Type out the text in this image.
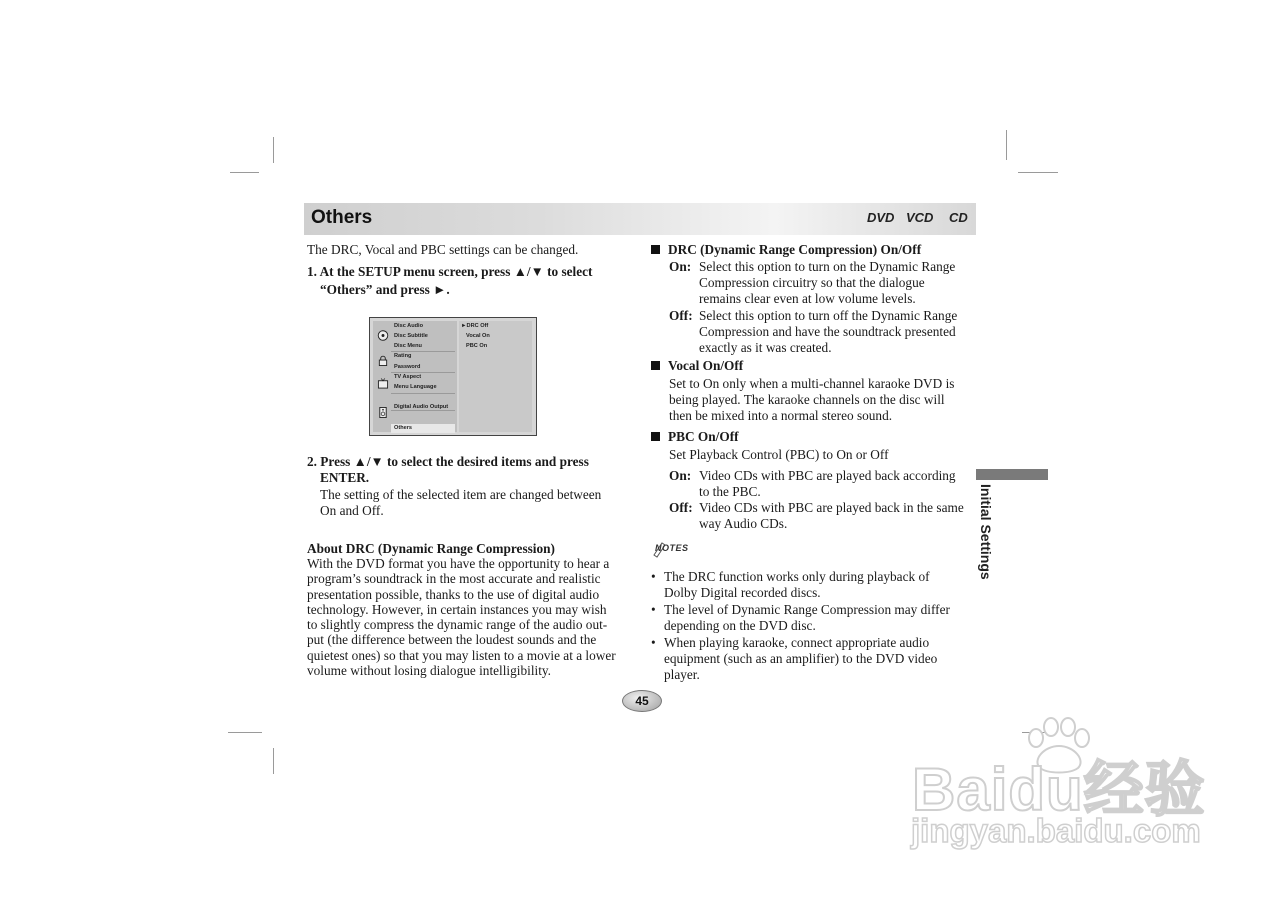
Others	DVD VCD CD
The DRC, Vocal and PBC settings can be changed.
1. At the SETUP menu screen, press ▲/▼ to select
“Others” and press ►.
Disc Audio
Disc Subtitle
Disc Menu
Rating
Password
TV Aspect
Menu Language
Digital Audio Output
Others
►DRC Off
Vocal On
PBC On
2. Press ▲/▼ to select the desired items and press
ENTER.
The setting of the selected item are changed between
On and Off.
About DRC (Dynamic Range Compression)
With the DVD format you have the opportunity to hear a
program’s soundtrack in the most accurate and realistic
presentation possible, thanks to the use of digital audio
technology. However, in certain instances you may wish
to slightly compress the dynamic range of the audio out-
put (the difference between the loudest sounds and the
quietest ones) so that you may listen to a movie at a lower
volume without losing dialogue intelligibility.
DRC (Dynamic Range Compression) On/Off
On: Select this option to turn on the Dynamic Range
Compression circuitry so that the dialogue
remains clear even at low volume levels.
Off: Select this option to turn off the Dynamic Range
Compression and have the soundtrack presented
exactly as it was created.
Vocal On/Off
Set to On only when a multi-channel karaoke DVD is
being played. The karaoke channels on the disc will
then be mixed into a normal stereo sound.
PBC On/Off
Set Playback Control (PBC) to On or Off
On: Video CDs with PBC are played back according
to the PBC.
Off: Video CDs with PBC are played back in the same
way Audio CDs.
NOTES
• The DRC function works only during playback of
Dolby Digital recorded discs.
• The level of Dynamic Range Compression may differ
depending on the DVD disc.
• When playing karaoke, connect appropriate audio
equipment (such as an amplifier) to the DVD video
player.
Initial Settings
45
Baidu经验
jingyan.baidu.com
